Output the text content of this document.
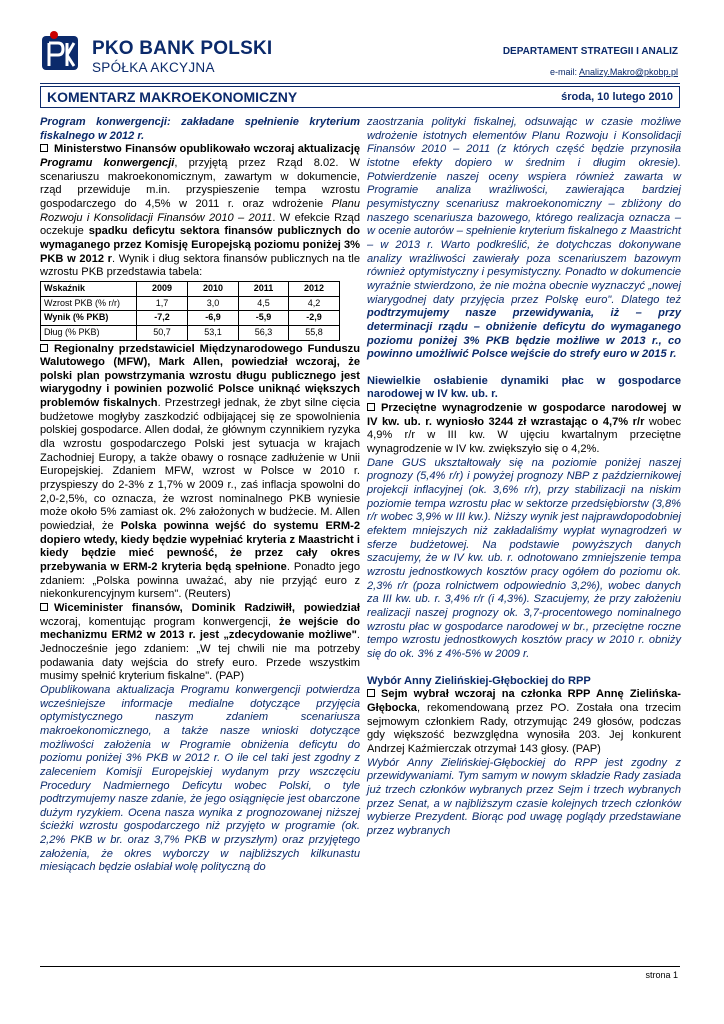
PKO BANK POLSKI
SPÓŁKA AKCYJNA
DEPARTAMENT STRATEGII I ANALIZ
e-mail: Analizy.Makro@pkobp.pl
KOMENTARZ MAKROEKONOMICZNY	środa, 10 lutego 2010

Program konwergencji: zakładane spełnienie kryterium fiskalnego w 2012 r.

Ministerstwo Finansów opublikowało wczoraj aktualizację Programu konwergencji, przyjętą przez Rząd 8.02. W scenariuszu makroekonomicznym, zawartym w dokumencie, rząd przewiduje m.in. przyspieszenie tempa wzrostu gospodarczego do 4,5% w 2011 r. oraz wdrożenie Planu Rozwoju i Konsolidacji Finansów 2010 – 2011. W efekcie Rząd oczekuje spadku deficytu sektora finansów publicznych do wymaganego przez Komisję Europejską poziomu poniżej 3% PKB w 2012 r. Wynik i dług sektora finansów publicznych na tle wzrostu PKB przedstawia tabela:

Wskaźnik	2009	2010	2011	2012
Wzrost PKB (% r/r)	1,7	3,0	4,5	4,2
Wynik (% PKB)	-7,2	-6,9	-5,9	-2,9
Dług (% PKB)	50,7	53,1	56,3	55,8

Regionalny przedstawiciel Międzynarodowego Funduszu Walutowego (MFW), Mark Allen, powiedział wczoraj, że polski plan powstrzymania wzrostu długu publicznego jest wiarygodny i powinien pozwolić Polsce uniknąć większych problemów fiskalnych. Przestrzegł jednak, że zbyt silne cięcia budżetowe mogłyby zaszkodzić odbijającej się ze spowolnienia polskiej gospodarce. Allen dodał, że głównym czynnikiem ryzyka dla wzrostu gospodarczego Polski jest sytuacja w krajach Zachodniej Europy, a także obawy o rosnące zadłużenie w Unii Europejskiej. Zdaniem MFW, wzrost w Polsce w 2010 r. przyspieszy do 2-3% z 1,7% w 2009 r., zaś inflacja spowolni do 2,0-2,5%, co oznacza, że wzrost nominalnego PKB wyniesie może około 5% zamiast ok. 2% założonych w budżecie. M. Allen powiedział, że Polska powinna wejść do systemu ERM-2 dopiero wtedy, kiedy będzie wypełniać kryteria z Maastricht i kiedy będzie mieć pewność, że przez cały okres przebywania w ERM-2 kryteria będą spełnione. Ponadto jego zdaniem: „Polska powinna uważać, aby nie przyjąć euro z niekonkurencyjnym kursem". (Reuters)

Wiceminister finansów, Dominik Radziwiłł, powiedział wczoraj, komentując program konwergencji, że wejście do mechanizmu ERM2 w 2013 r. jest „zdecydowanie możliwe". Jednocześnie jego zdaniem: „W tej chwili nie ma potrzeby podawania daty wejścia do strefy euro. Przede wszystkim musimy spełnić kryterium fiskalne". (PAP)

Opublikowana aktualizacja Programu konwergencji potwierdza wcześniejsze informacje medialne dotyczące przyjęcia optymistycznego naszym zdaniem scenariusza makroekonomicznego, a także nasze wnioski dotyczące możliwości założenia w Programie obniżenia deficytu do poziomu poniżej 3% PKB w 2012 r. O ile cel taki jest zgodny z zaleceniem Komisji Europejskiej wydanym przy wszczęciu Procedury Nadmiernego Deficytu wobec Polski, o tyle podtrzymujemy nasze zdanie, że jego osiągnięcie jest obarczone dużym ryzykiem. Ocena nasza wynika z prognozowanej niższej ścieżki wzrostu gospodarczego niż przyjęto w programie (ok. 2,2% PKB w br. oraz 3,7% PKB w przyszłym) oraz przyjętego założenia, że okres wyborczy w najbliższych kilkunastu miesiącach będzie osłabiał wolę polityczną do

zaostrzania polityki fiskalnej, odsuwając w czasie możliwe wdrożenie istotnych elementów Planu Rozwoju i Konsolidacji Finansów 2010 – 2011 (z których część będzie przynosiła istotne efekty dopiero w średnim i długim okresie). Potwierdzenie naszej oceny wspiera również zawarta w Programie analiza wrażliwości, zawierająca bardziej pesymistyczny scenariusz makroekonomiczny – zbliżony do naszego scenariusza bazowego, którego realizacja oznacza – w ocenie autorów – spełnienie kryterium fiskalnego z Maastricht – w 2013 r. Warto podkreślić, że dotychczas dokonywane analizy wrażliwości zawierały poza scenariuszem bazowym również optymistyczny i pesymistyczny. Ponadto w dokumencie wyraźnie stwierdzono, że nie można obecnie wyznaczyć „nowej wiarygodnej daty przyjęcia przez Polskę euro". Dlatego też podtrzymujemy nasze przewidywania, iż – przy determinacji rządu – obniżenie deficytu do wymaganego poziomu poniżej 3% PKB będzie możliwe w 2013 r., co powinno umożliwić Polsce wejście do strefy euro w 2015 r.

Niewielkie osłabienie dynamiki płac w gospodarce narodowej w IV kw. ub. r.

Przeciętne wynagrodzenie w gospodarce narodowej w IV kw. ub. r. wyniosło 3244 zł wzrastając o 4,7% r/r wobec 4,9% r/r w III kw. W ujęciu kwartalnym przeciętne wynagrodzenie w IV kw. zwiększyło się o 4,2%.

Dane GUS ukształtowały się na poziomie poniżej naszej prognozy (5,4% r/r) i powyżej prognozy NBP z październikowej projekcji inflacyjnej (ok. 3,6% r/r), przy stabilizacji na niskim poziomie tempa wzrostu płac w sektorze przedsiębiorstw (3,8% r/r wobec 3,9% w III kw.). Niższy wynik jest najprawdopodobniej efektem mniejszych niż zakładaliśmy wypłat wynagrodzeń w sferze budżetowej. Na podstawie powyższych danych szacujemy, że w IV kw. ub. r. odnotowano zmniejszenie tempa wzrostu jednostkowych kosztów pracy ogółem do poziomu ok. 2,3% r/r (poza rolnictwem odpowiednio 3,2%), wobec danych za III kw. ub. r. 3,4% r/r (i 4,3%). Szacujemy, że przy założeniu realizacji naszej prognozy ok. 3,7-procentowego nominalnego wzrostu płac w gospodarce narodowej w br., przeciętne roczne tempo wzrostu jednostkowych kosztów pracy w 2010 r. obniży się do ok. 3% z 4%-5% w 2009 r.

Wybór Anny Zielińskiej-Głębockiej do RPP

Sejm wybrał wczoraj na członka RPP Annę Zielińska-Głębocka, rekomendowaną przez PO. Została ona trzecim sejmowym członkiem Rady, otrzymując 249 głosów, podczas gdy większość bezwzględna wynosiła 203. Jej konkurent Andrzej Kaźmierczak otrzymał 143 głosy. (PAP)

Wybór Anny Zielińskiej-Głębockiej do RPP jest zgodny z przewidywaniami. Tym samym w nowym składzie Rady zasiada już trzech członków wybranych przez Sejm i trzech wybranych przez Senat, a w najbliższym czasie kolejnych trzech członków wybierze Prezydent. Biorąc pod uwagę poglądy przedstawiane przez wybranych

strona 1
